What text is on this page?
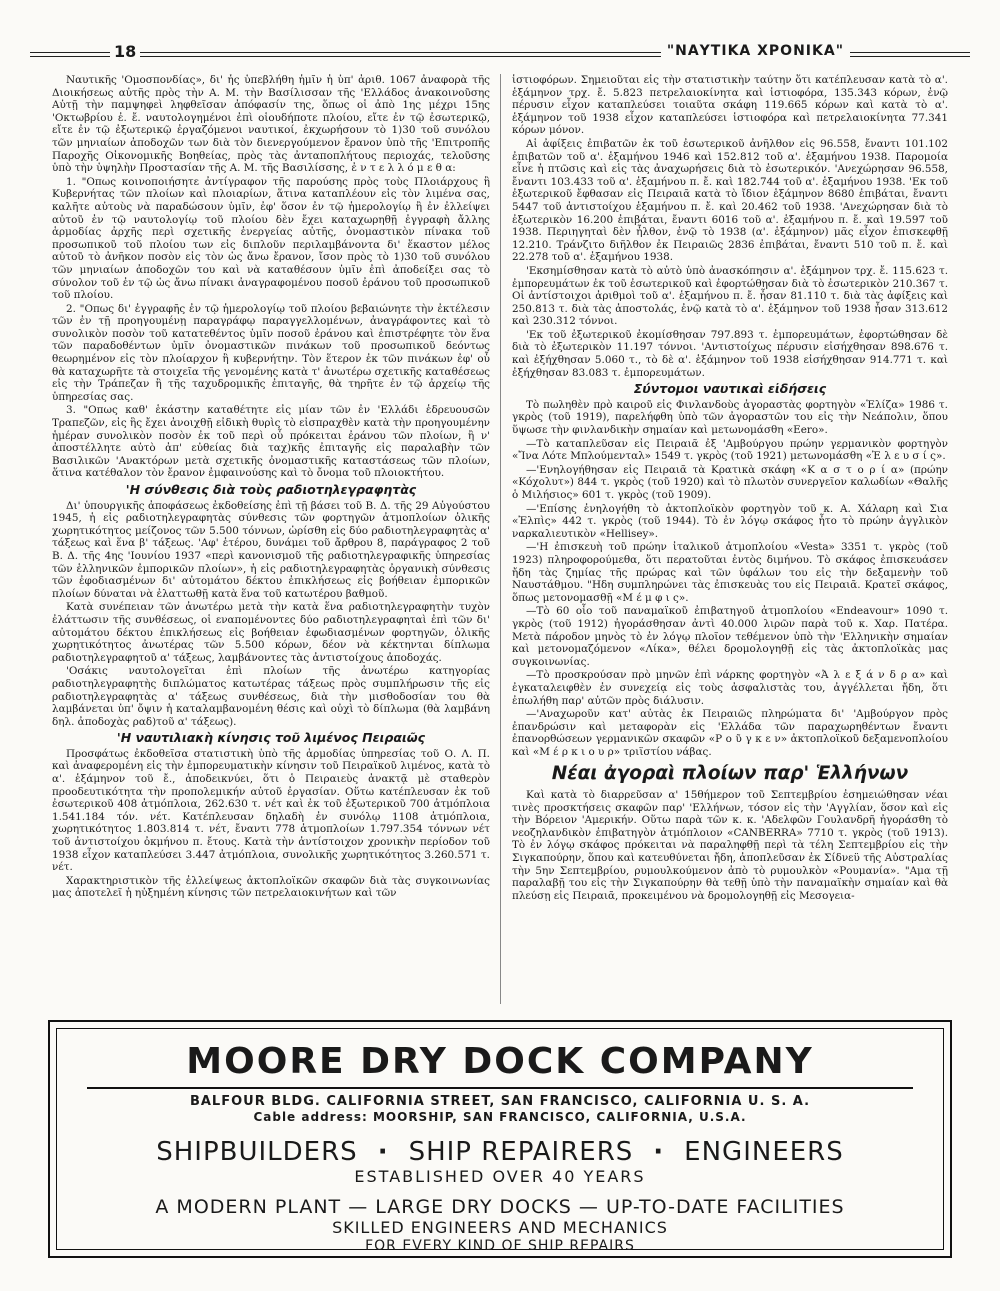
18	"ΝΑΥΤΙΚΑ ΧΡΟΝΙΚΑ"

Ναυτικῆς 'Ομοσπονδίας», δι' ἧς ὑπεβλήθη ἡμῖν ἡ ὑπ' ἀριθ. 1067 ἀναφορὰ τῆς Διοικήσεως αὐτῆς πρὸς τὴν Α. Μ. τὴν Βασίλισσαν τῆς 'Ελλάδος ἀνακοινοῦσης Αὐτῇ τὴν παμψηφεὶ ληφθεῖσαν ἀπόφασίν της, ὅπως οἱ ἀπὸ 1ης μέχρι 15ης 'Οκτωβρίου ἐ. ἔ. ναυτολογημένοι ἐπὶ οἱουδήποτε πλοίου, εἴτε ἐν τῷ ἐσωτερικῷ, εἴτε ἐν τῷ ἐξωτερικῷ ἐργαζόμενοι ναυτικοί, ἐκχωρήσουν τὸ 1)30 τοῦ συνόλου τῶν μηνιαίων ἀποδοχῶν των διὰ τὸν διενεργούμενον ἔρανον ὑπὸ τῆς 'Επιτροπῆς Παροχῆς Οἰκονομικῆς Βοηθείας, πρὸς τὰς ἀνταποπλήτους περιοχάς, τελοῦσης ὑπὸ τὴν ὑψηλὴν Προστασίαν τῆς Α. Μ. τῆς Βασιλίσσης, ἐ ν τ ε λ λ ό μ ε θ α:

1. "Οπως κοινοποιήσητε ἀντίγραφον τῆς παρούσης πρὸς τοὺς Πλοιάρχους ἢ Κυβερνήτας τῶν πλοίων καὶ πλοιαρίων, ἅτινα καταπλέουν εἰς τὸν λιμένα σας, καλῆτε αὐτοὺς νὰ παραδώσουν ὑμῖν, ἐφ' ὅσον ἐν τῷ ἡμερολογίῳ ἢ ἐν ἐλλείψει αὐτοῦ ἐν τῷ ναυτολογίῳ τοῦ πλοίου δὲν ἔχει καταχωρηθῇ ἐγγραφὴ ἄλλης ἁρμοδίας ἀρχῆς περὶ σχετικῆς ἐνεργείας αὐτῆς, ὀνομαστικὸν πίνακα τοῦ προσωπικοῦ τοῦ πλοίου των εἰς διπλοῦν περιλαμβάνοντα δι' ἕκαστον μέλος αὐτοῦ τὸ ἀνῆκον ποσὸν εἰς τὸν ὡς ἄνω ἔρανον, ἴσον πρὸς τὸ 1)30 τοῦ συνόλου τῶν μηνιαίων ἀποδοχῶν του καὶ νὰ καταθέσουν ὑμῖν ἐπὶ ἀποδείξει σας τὸ σύνολον τοῦ ἐν τῷ ὡς ἄνω πίνακι ἀναγραφομένου ποσοῦ ἐράνου τοῦ προσωπικοῦ τοῦ πλοίου.

2. "Οπως δι' ἐγγραφῆς ἐν τῷ ἡμερολογίῳ τοῦ πλοίου βεβαιώνητε τὴν ἐκτέλεσιν τῶν ἐν τῇ προηγουμένῃ παραγράφῳ παραγγελλομένων, ἀναγράφοντες καὶ τὸ συνολικὸν ποσὸν τοῦ κατατεθέντος ὑμῖν ποσοῦ ἐράνου καὶ ἐπιστρέφητε τὸν ἕνα τῶν παραδοθέντων ὑμῖν ὀνομαστικῶν πινάκων τοῦ προσωπικοῦ δεόντως θεωρημένον εἰς τὸν πλοίαρχον ἢ κυβερνήτην. Τὸν ἕτερον ἐκ τῶν πινάκων ἐφ' οὗ θὰ καταχωρῆτε τὰ στοιχεῖα τῆς γενομένης κατὰ τ' ἀνωτέρω σχετικῆς καταθέσεως εἰς τὴν Τράπεζαν ἢ τῆς ταχυδρομικῆς ἐπιταγῆς, θὰ τηρῆτε ἐν τῷ ἀρχείῳ τῆς ὑπηρεσίας σας.

3. "Οπως καθ' ἑκάστην καταθέτητε εἰς μίαν τῶν ἐν 'Ελλάδι ἑδρευουσῶν Τραπεζῶν, εἰς ἣς ἔχει ἀνοιχθῇ εἰδικὴ θυρὶς τὸ εἰσπραχθὲν κατὰ τὴν προηγουμένην ἡμέραν συνολικὸν ποσὸν ἐκ τοῦ περὶ οὗ πρόκειται ἐράνου τῶν πλοίων, ἢ ν' ἀποστέλλητε αὐτὸ ἀπ' εὐθείας διὰ ταχ)κῆς ἐπιταγῆς εἰς παραλαβὴν τῶν Βασιλικῶν 'Ανακτόρων μετὰ σχετικῆς ὀνομαστικῆς καταστάσεως τῶν πλοίων, ἅτινα κατέθαλον τὸν ἔρανον ἐμφαινούσης καὶ τὸ ὄνομα τοῦ πλοιοκτήτου.

'Η σύνθεσις διὰ τοὺς ραδιοτηλεγραφητὰς

Δι' ὑπουργικῆς ἀποφάσεως ἐκδοθείσης ἐπὶ τῇ βάσει τοῦ Β. Δ. τῆς 29 Αὐγούστου 1945, ἡ εἰς ραδιοτηλεγραφητὰς σύνθεσις τῶν φορτηγῶν ἀτμοπλοίων ὁλικῆς χωρητικότητος μείζονος τῶν 5.500 τόννων, ὡρίσθη εἰς δύο ραδιοτηλεγραφητὰς α' τάξεως καὶ ἕνα β' τάξεως. 'Αφ' ἑτέρου, δυνάμει τοῦ ἄρθρου 8, παράγραφος 2 τοῦ Β. Δ. τῆς 4ης 'Ιουνίου 1937 «περὶ κανονισμοῦ τῆς ραδιοτηλεγραφικῆς ὑπηρεσίας τῶν ἑλληνικῶν ἐμπορικῶν πλοίων», ἡ εἰς ραδιοτηλεγραφητὰς ὀργανικὴ σύνθεσις τῶν ἐφοδιασμένων δι' αὐτομάτου δέκτου ἐπικλήσεως εἰς βοήθειαν ἐμπορικῶν πλοίων δύναται νὰ ἐλαττωθῇ κατὰ ἕνα τοῦ κατωτέρου βαθμοῦ.

Κατὰ συνέπειαν τῶν ἀνωτέρω μετὰ τὴν κατὰ ἕνα ραδιοτηλεγραφητὴν τυχὸν ἐλάττωσιν τῆς συνθέσεως, οἱ εναπομένοντες δύο ραδιοτηλεγραφηταὶ ἐπὶ τῶν δι' αὐτομάτου δέκτου ἐπικλήσεως εἰς βοήθειαν ἐφωδιασμένων φορτηγῶν, ὁλικῆς χωρητικότητος ἀνωτέρας τῶν 5.500 κόρων, δέον νὰ κέκτηνται δίπλωμα ραδιοτηλεγραφητοῦ α' τάξεως, λαμβάνοντες τὰς ἀντιστοίχους ἀποδοχάς.

'Οσάκις ναυτολογεῖται ἐπὶ πλοίων τῆς ἀνωτέρω κατηγορίας ραδιοτηλεγραφητὴς διπλώματος κατωτέρας τάξεως πρὸς συμπλήρωσιν τῆς εἰς ραδιοτηλεγραφητὰς α' τάξεως συνθέσεως, διὰ τὴν μισθοδοσίαν του θὰ λαμβάνεται ὑπ' ὄψιν ἡ καταλαμβανομένη θέσις καὶ οὐχὶ τὸ δίπλωμα (θὰ λαμβάνη δηλ. ἀποδοχὰς ραδ)τοῦ α' τάξεως).

'Η ναυτιλιακὴ κίνησις τοῦ λιμένος Πειραιῶς

Προσφάτως ἐκδοθεῖσα στατιστικὴ ὑπὸ τῆς ἁρμοδίας ὑπηρεσίας τοῦ Ο. Λ. Π. καὶ ἀναφερομένη εἰς τὴν ἐμπορευματικὴν κίνησιν τοῦ Πειραϊκοῦ λιμένος, κατὰ τὸ α'. ἑξάμηνον τοῦ ἔ., ἀποδεικνύει, ὅτι ὁ Πειραιεὺς ἀνακτᾷ μὲ σταθερὸν προοδευτικότητα τὴν προπολεμικήν αὐτοῦ ἐργασίαν. Οὕτω κατέπλευσαν ἐκ τοῦ ἐσωτερικοῦ 408 ἀτμόπλοια, 262.630 τ. νέτ καὶ ἐκ τοῦ ἐξωτερικοῦ 700 ἀτμόπλοια 1.541.184 τόν. νέτ. Κατέπλευσαν δηλαδὴ ἐν συνόλῳ 1108 ἀτμόπλοια, χωρητικότητος 1.803.814 τ. νέτ, ἔναντι 778 ἀτμοπλοίων 1.797.354 τόννων νέτ τοῦ ἀντιστοίχου ὀκμήνου π. ἔτους. Κατὰ τὴν ἀντίστοιχον χρονικὴν περίοδον τοῦ 1938 εἶχον καταπλεύσει 3.447 ἀτμόπλοια, συνολικῆς χωρητικότητος 3.260.571 τ. νέτ.

Χαρακτηριστικὸν τῆς ἐλλείψεως ἀκτοπλοϊκῶν σκαφῶν διὰ τὰς συγκοινωνίας μας ἀποτελεῖ ἡ ηὐξημένη κίνησις τῶν πετρελαιοκινήτων καὶ τῶν

ἱστιοφόρων. Σημειοῦται εἰς τὴν στατιστικὴν ταύτην ὅτι κατέπλευσαν κατὰ τὸ α'. ἑξάμηνον τρχ. ἔ. 5.823 πετρελαιοκίνητα καὶ ἱστιοφόρα, 135.343 κόρων, ἐνῷ πέρυσιν εἶχον καταπλεύσει τοιαῦτα σκάφη 119.665 κόρων καὶ κατὰ τὸ α'. ἑξάμηνον τοῦ 1938 εἶχον καταπλεύσει ἱστιοφόρα καὶ πετρελαιοκίνητα 77.341 κόρων μόνον.

Αἱ ἀφίξεις ἐπιβατῶν ἐκ τοῦ ἐσωτερικοῦ ἀνῆλθον εἰς 96.558, ἔναντι 101.102 ἐπιβατῶν τοῦ α'. ἑξαμήνου 1946 καὶ 152.812 τοῦ α'. ἑξαμήνου 1938. Παρομοία εἶνε ἡ πτῶσις καὶ εἰς τὰς ἀναχωρήσεις διὰ τὸ ἐσωτερικόν. 'Ανεχώρησαν 96.558, ἔναντι 103.433 τοῦ α'. ἑξαμήνου π. ἔ. καὶ 182.744 τοῦ α'. ἑξαμήνου 1938. 'Εκ τοῦ ἐξωτερικοῦ ἔφθασαν εἰς Πειραιᾶ κατὰ τὸ ἴδιον ἑξάμηνον 8680 ἐπιβάται, ἔναντι 5447 τοῦ ἀντιστοίχου ἑξαμήνου π. ἔ. καὶ 20.462 τοῦ 1938. 'Ανεχώρησαν διὰ τὸ ἐξωτερικὸν 16.200 ἐπιβάται, ἔναντι 6016 τοῦ α'. ἑξαμήνου π. ἔ. καὶ 19.597 τοῦ 1938. Περιηγηταὶ δὲν ἦλθον, ἐνῷ τὸ 1938 (α'. ἑξάμηνον) μᾶς εἶχον ἐπισκεφθῇ 12.210. Τράνζιτο διῆλθον ἐκ Πειραιῶς 2836 ἐπιβάται, ἔναντι 510 τοῦ π. ἔ. καὶ 22.278 τοῦ α'. ἑξαμήνου 1938.

'Εκσημίσθησαν κατὰ τὸ αὐτὸ ὑπὸ ἀνασκόπησιν α'. ἑξάμηνον τρχ. ἔ. 115.623 τ. ἐμπορευμάτων ἐκ τοῦ ἐσωτερικοῦ καὶ ἐφορτώθησαν διὰ τὸ ἐσωτερικὸν 210.367 τ. Οἱ ἀντίστοιχοι ἀριθμοὶ τοῦ α'. ἑξαμήνου π. ἔ. ἦσαν 81.110 τ. διὰ τὰς ἀφίξεις καὶ 250.813 τ. διὰ τὰς ἀποστολάς, ἐνῷ κατὰ τὸ α'. ἑξάμηνον τοῦ 1938 ἦσαν 313.612 καὶ 230.312 τόννοι.

'Εκ τοῦ ἐξωτερικοῦ ἐκομίσθησαν 797.893 τ. ἐμπορευμάτων, ἐφορτώθησαν δὲ διὰ τὸ ἐξωτερικὸν 11.197 τόννοι. 'Αντιστοίχως πέρυσιν εἰσήχθησαν 898.676 τ. καὶ ἐξήχθησαν 5.060 τ., τὸ δὲ α'. ἑξάμηνον τοῦ 1938 εἰσήχθησαν 914.771 τ. καὶ ἐξήχθησαν 83.083 τ. ἐμπορευμάτων.

Σύντομοι ναυτικαὶ εἰδήσεις

Τὸ πωληθὲν πρὸ καιροῦ εἰς Φινλανδοὺς ἀγοραστὰς φορτηγὸν «Ἑλίζα» 1986 τ. γκρὸς (τοῦ 1919), παρελήφθη ὑπὸ τῶν ἀγοραστῶν του εἰς τὴν Νεάπολιν, ὅπου ὕψωσε τὴν φινλανδικὴν σημαίαν καὶ μετωνομάσθη «Eero».

—Τὸ καταπλεῦσαν εἰς Πειραιᾶ ἐξ 'Αμβούργου πρώην γερμανικὸν φορτηγὸν «Ἴνα Λότε Μπλούμενταλ» 1549 τ. γκρὸς (τοῦ 1921) μετωνομάσθη «Ἐ λ ε υ σ ί ς».

—'Ενηλογήθησαν εἰς Πειραιᾶ τὰ Κρατικὰ σκάφη «Κ α σ τ ο ρ ί α» (πρώην «Κόχολυτ») 844 τ. γκρὸς (τοῦ 1920) καὶ τὸ πλωτὸν συνεργεῖον καλωδίων «Θαλῆς ὁ Μιλήσιος» 601 τ. γκρὸς (τοῦ 1909).

—'Επίσης ἐνηλογήθη τὸ ἀκτοπλοϊκὸν φορτηγὸν τοῦ κ. Α. Χάλαρη καὶ Σια «Ἐλπὶς» 442 τ. γκρὸς (τοῦ 1944). Τὸ ἐν λόγῳ σκάφος ἦτο τὸ πρώην ἀγγλικὸν ναρκαλιευτικὸν «Hellisey».

—'Η ἐπισκευὴ τοῦ πρώην ἰταλικοῦ ἀτμοπλοίου «Vesta» 3351 τ. γκρὸς (τοῦ 1923) πληροφορούμεθα, ὅτι περατοῦται ἐντὸς διμήνου. Τὸ σκάφος ἐπισκευάσεν ἤδη τὰς ζημίας τῆς πρώρας καὶ τῶν ὑφάλων του εἰς τὴν δεξαμενὴν τοῦ Ναυστάθμου. "Ηδη συμπληρώνει τὰς ἐπισκευὰς του εἰς Πειραιᾶ. Κρατεῖ σκάφος, ὅπως μετονομασθῇ «Μ έ μ φ ι ς».

—Τὸ 60 οἷο τοῦ παναμαϊκοῦ ἐπιβατηγοῦ ἀτμοπλοίου «Endeavour» 1090 τ. γκρὸς (τοῦ 1912) ἠγοράσθησαν ἀντὶ 40.000 λιρῶν παρὰ τοῦ κ. Χαρ. Πατέρα. Μετὰ πάροδον μηνὸς τὸ ἐν λόγῳ πλοῖον τεθέμενον ὑπὸ τὴν 'Ελληνικὴν σημαίαν καὶ μετονομαζόμενον «Λίκα», θέλει δρομολογηθῇ εἰς τὰς ἀκτοπλοϊκὰς μας συγκοινωνίας.

—Τὸ προσκρούσαν πρὸ μηνῶν ἐπὶ νάρκης φορτηγὸν «Ἀ λ ε ξ ά ν δ ρ α» καὶ ἐγκαταλειφθὲν ἐν συνεχείᾳ εἰς τοὺς ἀσφαλιστὰς του, ἀγγέλλεται ἤδη, ὅτι ἐπωλήθη παρ' αὐτῶν πρὸς διάλυσιν.

—'Αναχωροῦν κατ' αὐτὰς ἐκ Πειραιῶς πληρώματα δι' 'Αμβούργον πρὸς ἐπανδρώσιν καὶ μεταφορὰν εἰς 'Ελλάδα τῶν παραχωρηθέντων ἔναντι ἐπανορθώσεων γερμανικῶν σκαφῶν «Ρ ο ῦ γ κ ε ν» ἀκτοπλοϊκοῦ δεξαμενοπλοίου καὶ «Μ έ ρ κ ι ο υ ρ» τριϊστίου νάβας.

Νέαι ἀγοραὶ πλοίων παρ' Ἑλλήνων

Καὶ κατὰ τὸ διαρρεῦσαν α' 15θήμερον τοῦ Σεπτεμβρίου ἐσημειώθησαν νέαι τινὲς προσκτήσεις σκαφῶν παρ' 'Ελλήνων, τόσον εἰς τὴν 'Αγγλίαν, ὅσον καὶ εἰς τὴν Βόρειον 'Αμερικήν. Οὕτω παρὰ τῶν κ. κ. 'Αδελφῶν Γουλανδρῆ ἠγοράσθη τὸ νεοζηλανδικὸν ἐπιβατηγὸν ἀτμόπλοιον «CANBERRA» 7710 τ. γκρὸς (τοῦ 1913). Τὸ ἐν λόγῳ σκάφος πρόκειται νὰ παραληφθῇ περὶ τὰ τέλη Σεπτεμβρίου εἰς τὴν Σιγκαπούρην, ὅπου καὶ κατευθύνεται ἤδη, ἀποπλεῦσαν ἐκ Σίδνεϋ τῆς Αὐστραλίας τὴν 5ην Σεπτεμβρίου, ρυμουλκούμενον ἀπὸ τὸ ρυμουλκὸν «Ρουμανία». "Αμα τῇ παραλαβῇ του εἰς τὴν Σιγκαπούρην θὰ τεθῇ ὑπὸ τὴν παναμαϊκὴν σημαίαν καὶ θὰ πλεύσῃ εἰς Πειραιᾶ, προκειμένου νὰ δρομολογηθῇ εἰς Μεσογεια-

MOORE DRY DOCK COMPANY
BALFOUR BLDG. CALIFORNIA STREET, SAN FRANCISCO, CALIFORNIA U. S. A.
Cable address: MOORSHIP, SAN FRANCISCO, CALIFORNIA, U.S.A.
SHIPBUILDERS · SHIP REPAIRERS · ENGINEERS
ESTABLISHED OVER 40 YEARS
A MODERN PLANT — LARGE DRY DOCKS — UP-TO-DATE FACILITIES
SKILLED ENGINEERS AND MECHANICS
FOR EVERY KIND OF SHIP REPAIRS
